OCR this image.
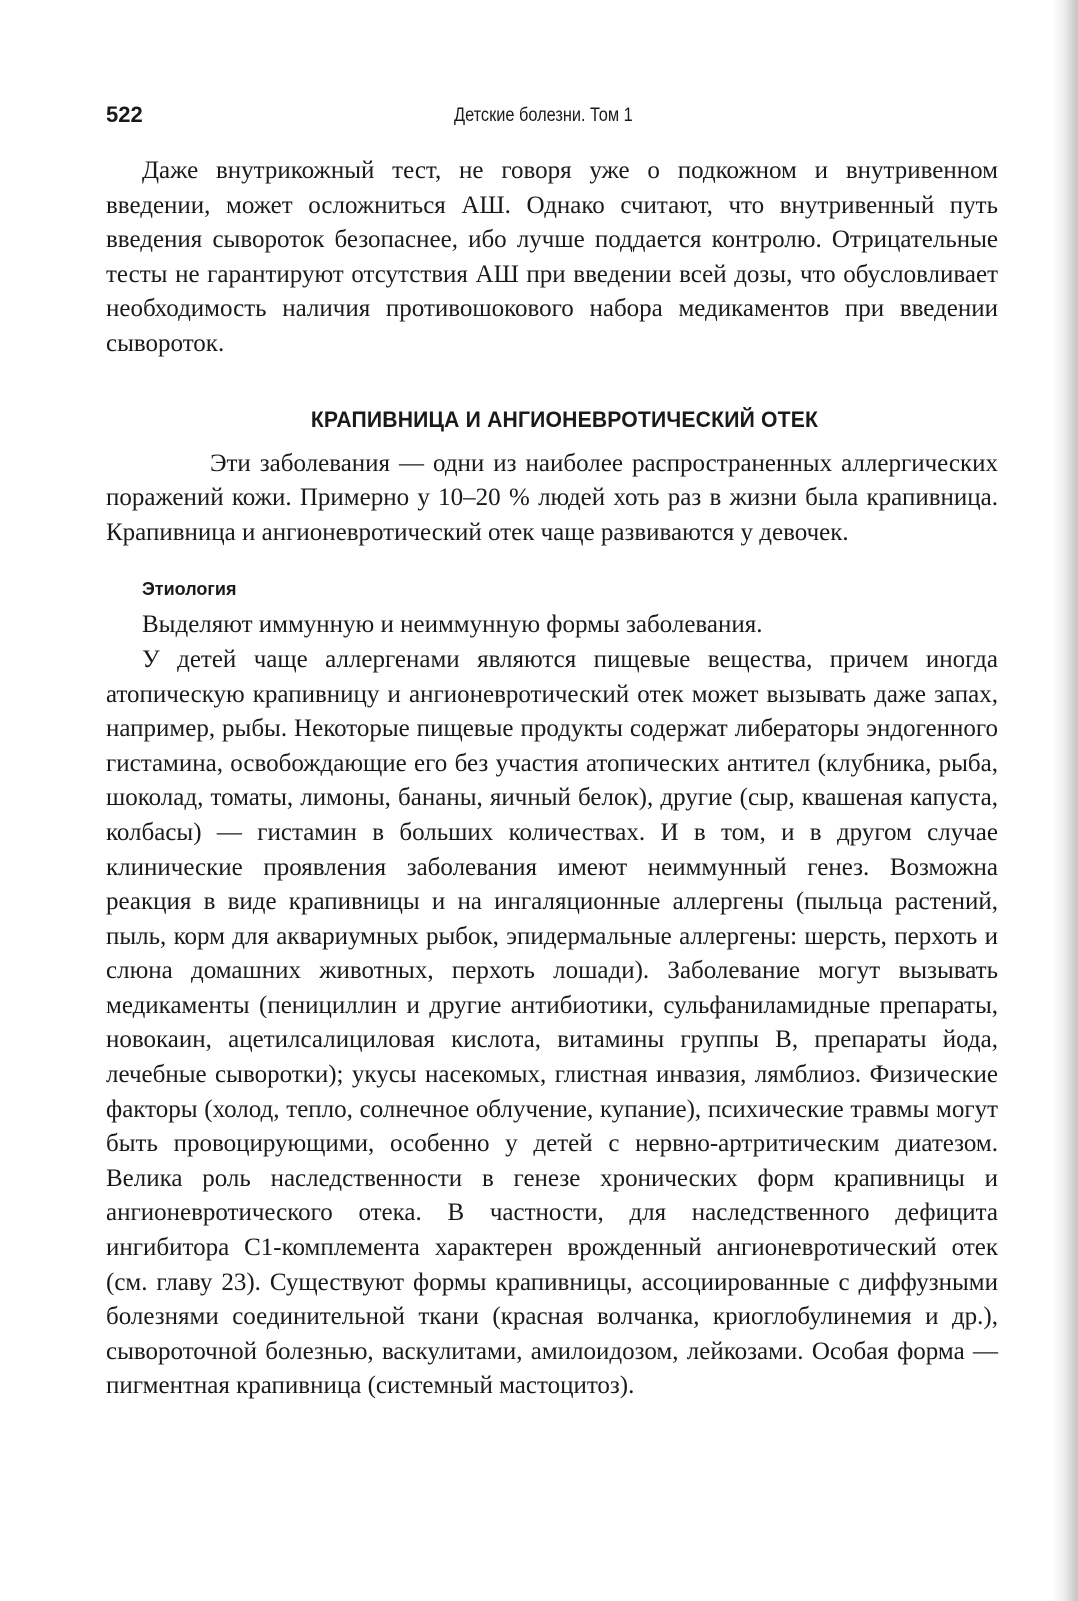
522	Детские болезни. Том 1

Даже внутрикожный тест, не говоря уже о подкожном и внутривенном введении, может осложниться АШ. Однако считают, что внутривенный путь введения сывороток безопаснее, ибо лучше поддается контролю. Отрицательные тесты не гарантируют отсутствия АШ при введении всей дозы, что обусловливает необходимость наличия противошокового набора медикаментов при введении сывороток.

КРАПИВНИЦА И АНГИОНЕВРОТИЧЕСКИЙ ОТЕК

Эти заболевания — одни из наиболее распространенных аллергических поражений кожи. Примерно у 10–20 % людей хоть раз в жизни была крапивница. Крапивница и ангионевротический отек чаще развиваются у девочек.

Этиология

Выделяют иммунную и неиммунную формы заболевания.

У детей чаще аллергенами являются пищевые вещества, причем иногда атопическую крапивницу и ангионевротический отек может вызывать даже запах, например, рыбы. Некоторые пищевые продукты содержат либераторы эндогенного гистамина, освобождающие его без участия атопических антител (клубника, рыба, шоколад, томаты, лимоны, бананы, яичный белок), другие (сыр, квашеная капуста, колбасы) — гистамин в больших количествах. И в том, и в другом случае клинические проявления заболевания имеют неиммунный генез. Возможна реакция в виде крапивницы и на ингаляционные аллергены (пыльца растений, пыль, корм для аквариумных рыбок, эпидермальные аллергены: шерсть, перхоть и слюна домашних животных, перхоть лошади). Заболевание могут вызывать медикаменты (пенициллин и другие антибиотики, сульфаниламидные препараты, новокаин, ацетилсалициловая кислота, витамины группы В, препараты йода, лечебные сыворотки); укусы насекомых, глистная инвазия, лямблиоз. Физические факторы (холод, тепло, солнечное облучение, купание), психические травмы могут быть провоцирующими, особенно у детей с нервно-артритическим диатезом. Велика роль наследственности в генезе хронических форм крапивницы и ангионевротического отека. В частности, для наследственного дефицита ингибитора С1-комплемента характерен врожденный ангионевротический отек (см. главу 23). Существуют формы крапивницы, ассоциированные с диффузными болезнями соединительной ткани (красная волчанка, криоглобулинемия и др.), сывороточной болезнью, васкулитами, амилоидозом, лейкозами. Особая форма — пигментная крапивница (системный мастоцитоз).
